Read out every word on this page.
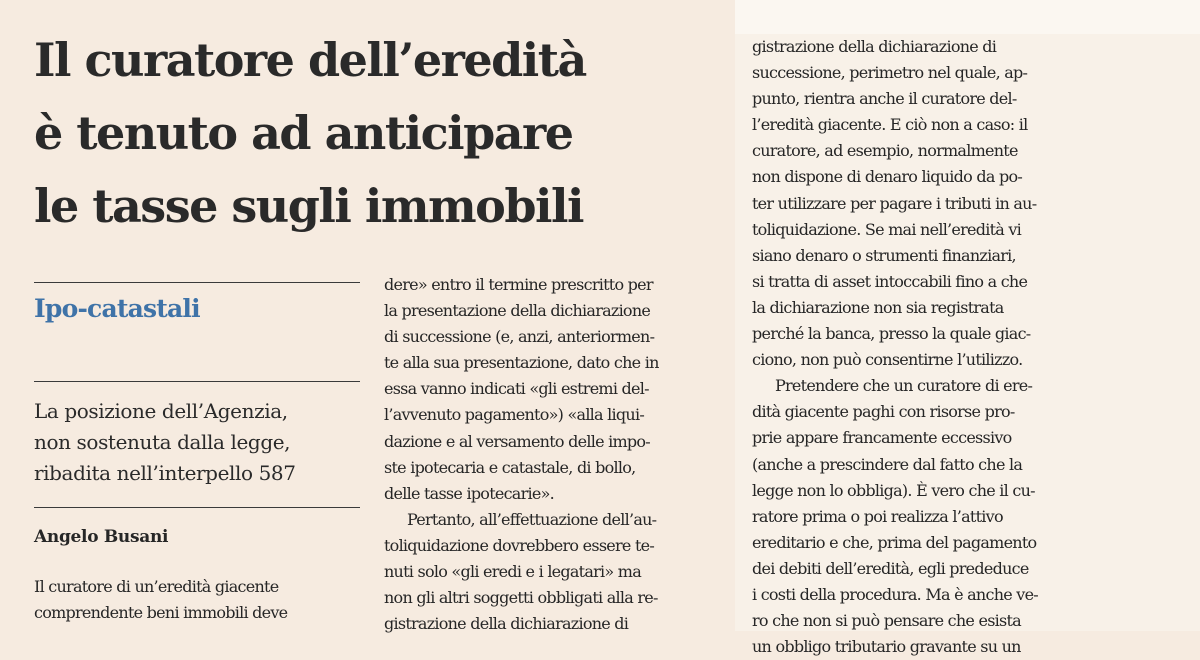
Il curatore dell’eredità
è tenuto ad anticipare
le tasse sugli immobili
Ipo-catastali
La posizione dell’Agenzia,
non sostenuta dalla legge,
ribadita nell’interpello 587
Angelo Busani
Il curatore di un’eredità giacente
comprendente beni immobili deve
dere» entro il termine prescritto per
la presentazione della dichiarazione
di successione (e, anzi, anteriormen-
te alla sua presentazione, dato che in
essa vanno indicati «gli estremi del-
l’avvenuto pagamento») «alla liqui-
dazione e al versamento delle impo-
ste ipotecaria e catastale, di bollo,
delle tasse ipotecarie».
Pertanto, all’effettuazione dell’au-
toliquidazione dovrebbero essere te-
nuti solo «gli eredi e i legatari» ma
non gli altri soggetti obbligati alla re-
gistrazione della dichiarazione di
gistrazione della dichiarazione di
successione, perimetro nel quale, ap-
punto, rientra anche il curatore del-
l’eredità giacente. E ciò non a caso: il
curatore, ad esempio, normalmente
non dispone di denaro liquido da po-
ter utilizzare per pagare i tributi in au-
toliquidazione. Se mai nell’eredità vi
siano denaro o strumenti finanziari,
si tratta di asset intoccabili fino a che
la dichiarazione non sia registrata
perché la banca, presso la quale giac-
ciono, non può consentirne l’utilizzo.
Pretendere che un curatore di ere-
dità giacente paghi con risorse pro-
prie appare francamente eccessivo
(anche a prescindere dal fatto che la
legge non lo obbliga). È vero che il cu-
ratore prima o poi realizza l’attivo
ereditario e che, prima del pagamento
dei debiti dell’eredità, egli prededuce
i costi della procedura. Ma è anche ve-
ro che non si può pensare che esista
un obbligo tributario gravante su un
